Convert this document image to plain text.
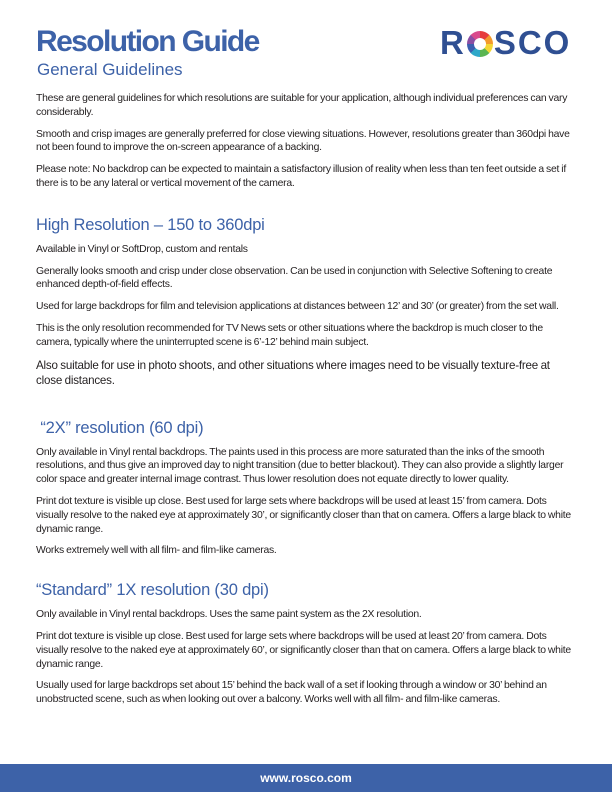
Resolution Guide
General Guidelines
R SCO

These are general guidelines for which resolutions are suitable for your application, although individual preferences can vary considerably.

Smooth and crisp images are generally preferred for close viewing situations. However, resolutions greater than 360dpi have not been found to improve the on-screen appearance of a backing.

Please note: No backdrop can be expected to maintain a satisfactory illusion of reality when less than ten feet outside a set if there is to be any lateral or vertical movement of the camera.

High Resolution – 150 to 360dpi

Available in Vinyl or SoftDrop, custom and rentals

Generally looks smooth and crisp under close observation. Can be used in conjunction with Selective Softening to create enhanced depth-of-field effects.

Used for large backdrops for film and television applications at distances between 12’ and 30’ (or greater) from the set wall.

This is the only resolution recommended for TV News sets or other situations where the backdrop is much closer to the camera, typically where the uninterrupted scene is 6’-12’ behind main subject.

Also suitable for use in photo shoots, and other situations where images need to be visually texture-free at close distances.

“2X” resolution (60 dpi)

Only available in Vinyl rental backdrops. The paints used in this process are more saturated than the inks of the smooth resolutions, and thus give an improved day to night transition (due to better blackout). They can also provide a slightly larger color space and greater internal image contrast. Thus lower resolution does not equate directly to lower quality.

Print dot texture is visible up close. Best used for large sets where backdrops will be used at least 15’ from camera. Dots visually resolve to the naked eye at approximately 30’, or significantly closer than that on camera. Offers a large black to white dynamic range.

Works extremely well with all film- and film-like cameras.

“Standard” 1X resolution (30 dpi)

Only available in Vinyl rental backdrops. Uses the same paint system as the 2X resolution.

Print dot texture is visible up close. Best used for large sets where backdrops will be used at least 20’ from camera. Dots visually resolve to the naked eye at approximately 60’, or significantly closer than that on camera. Offers a large black to white dynamic range.

Usually used for large backdrops set about 15’ behind the back wall of a set if looking through a window or 30’ behind an unobstructed scene, such as when looking out over a balcony. Works well with all film- and film-like cameras.

www.rosco.com
